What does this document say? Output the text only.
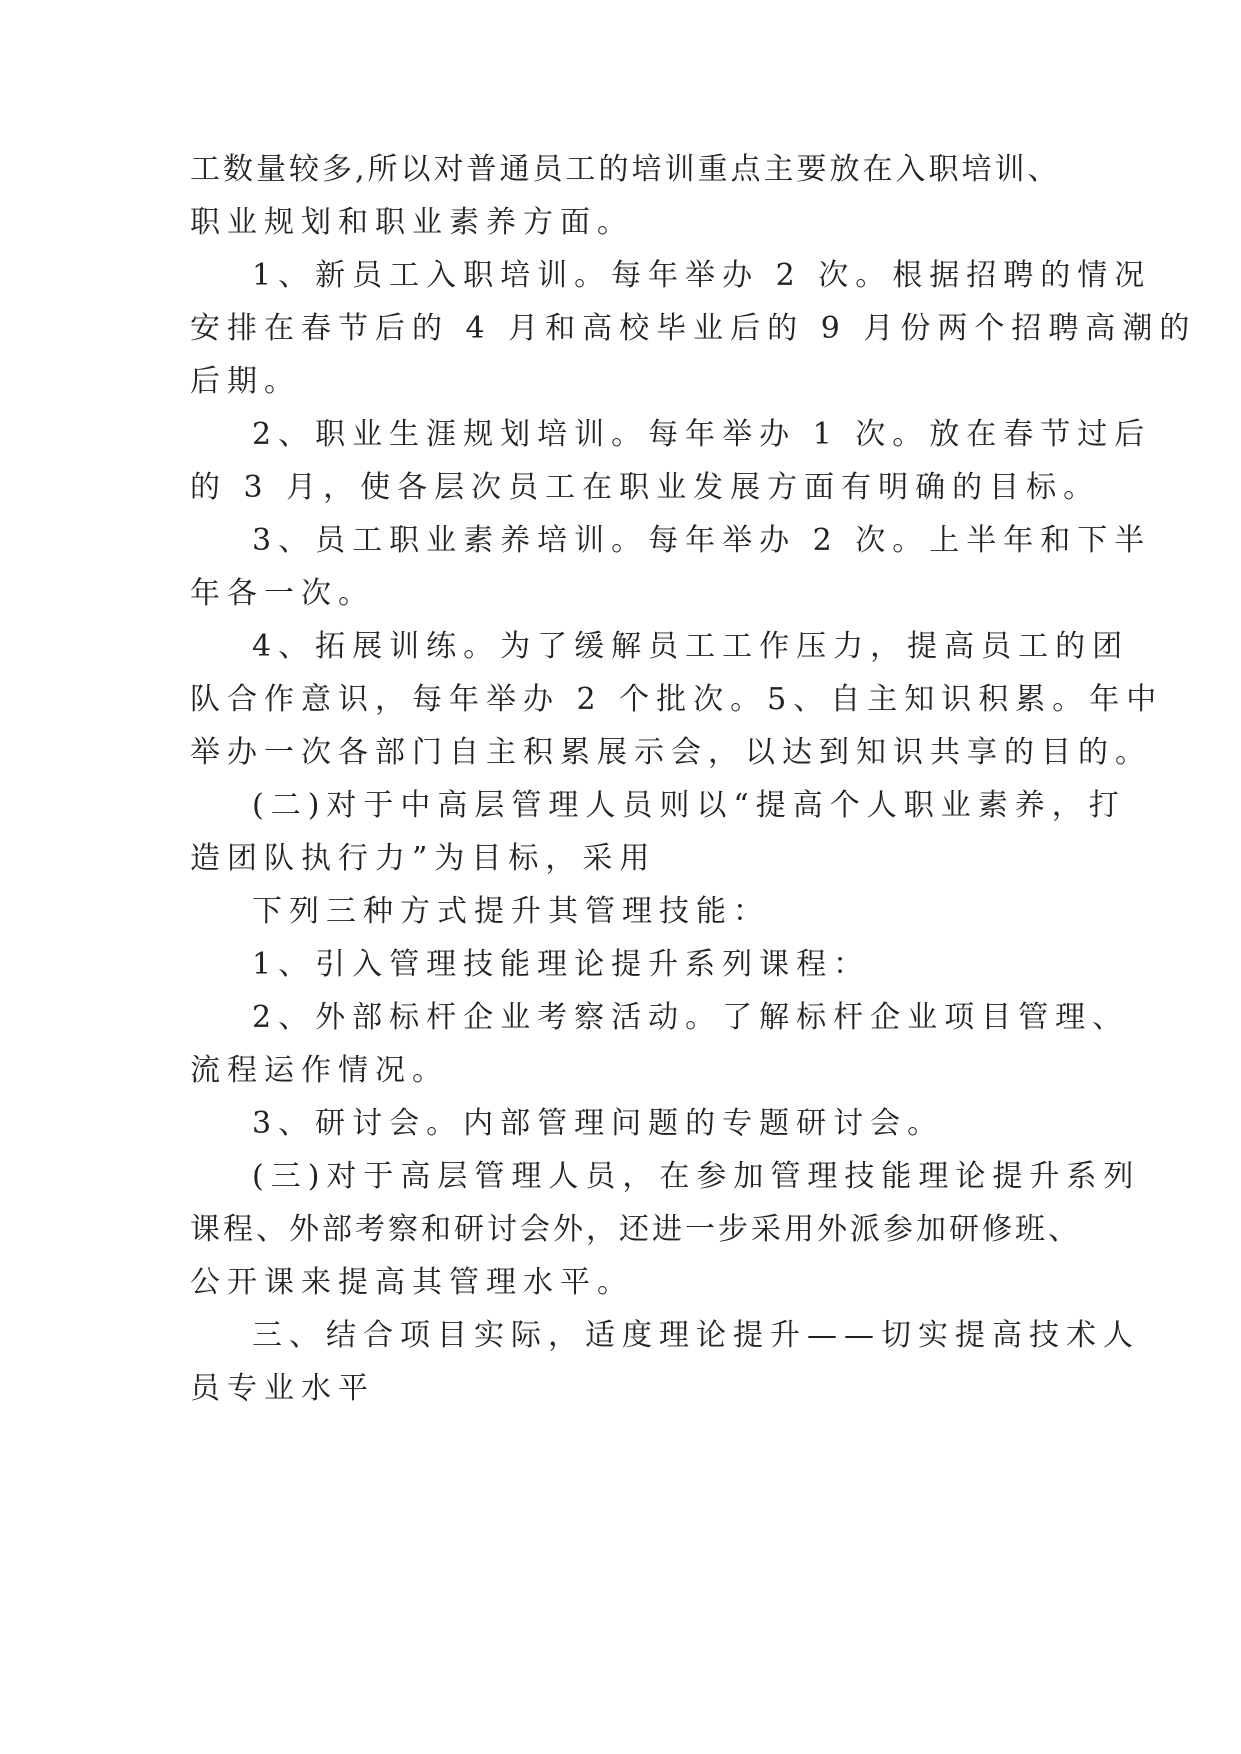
工数量较多,所以对普通员工的培训重点主要放在入职培训、
职业规划和职业素养方面。
1、新员工入职培训。每年举办 2 次。根据招聘的情况
安排在春节后的 4 月和高校毕业后的 9 月份两个招聘高潮的
后期。
2、职业生涯规划培训。每年举办 1 次。放在春节过后
的 3 月，使各层次员工在职业发展方面有明确的目标。
3、员工职业素养培训。每年举办 2 次。上半年和下半
年各一次。
4、拓展训练。为了缓解员工工作压力，提高员工的团
队合作意识，每年举办 2 个批次。5、自主知识积累。年中
举办一次各部门自主积累展示会，以达到知识共享的目的。
(二)对于中高层管理人员则以“提高个人职业素养，打
造团队执行力”为目标，采用
下列三种方式提升其管理技能：
1、引入管理技能理论提升系列课程：
2、外部标杆企业考察活动。了解标杆企业项目管理、
流程运作情况。
3、研讨会。内部管理问题的专题研讨会。
(三)对于高层管理人员，在参加管理技能理论提升系列
课程、外部考察和研讨会外，还进一步采用外派参加研修班、
公开课来提高其管理水平。
三、结合项目实际，适度理论提升——切实提高技术人
员专业水平
